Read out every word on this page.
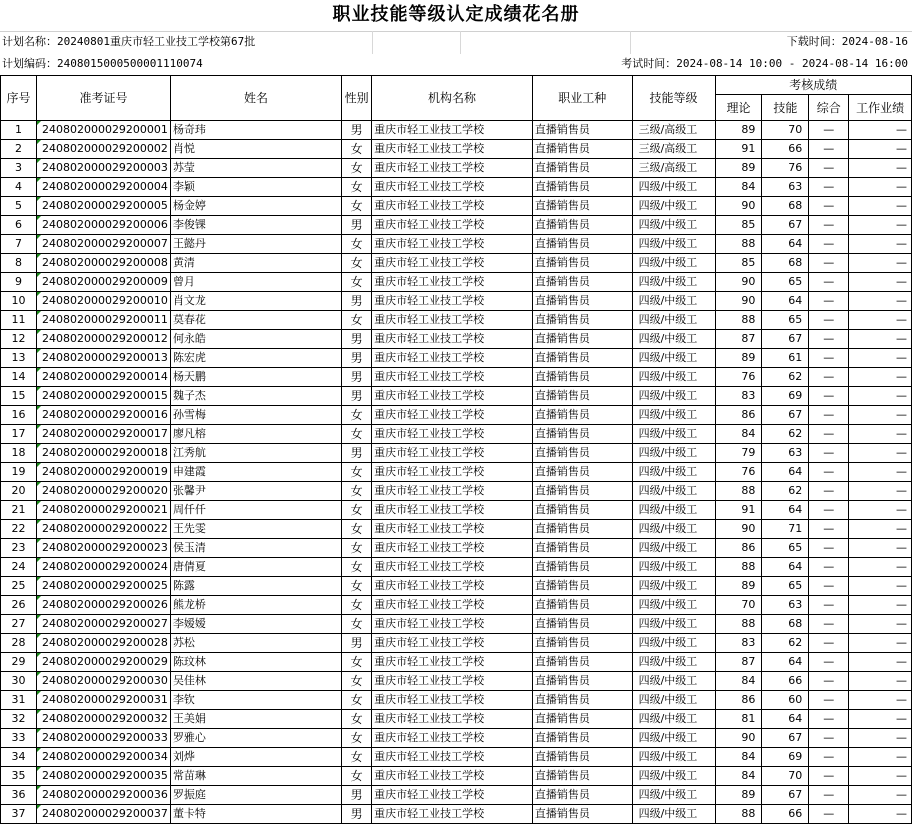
职业技能等级认定成绩花名册
计划名称：20240801重庆市轻工业技工学校第67批	下载时间：2024-08-16
计划编码：2408015000500001110074	考试时间：2024-08-14 10:00 - 2024-08-14 16:00
序号	准考证号	姓名	性别	机构名称	职业工种	技能等级	考核成绩			
							理论	技能	综合	工作业绩
1	240802000029200001	杨奇玮	男	重庆市轻工业技工学校	直播销售员	三级/高级工	89	70	—	—
2	240802000029200002	肖悦	女	重庆市轻工业技工学校	直播销售员	三级/高级工	91	66	—	—
3	240802000029200003	苏莹	女	重庆市轻工业技工学校	直播销售员	三级/高级工	89	76	—	—
4	240802000029200004	李颖	女	重庆市轻工业技工学校	直播销售员	四级/中级工	84	63	—	—
5	240802000029200005	杨金婷	女	重庆市轻工业技工学校	直播销售员	四级/中级工	90	68	—	—
6	240802000029200006	李俊锞	男	重庆市轻工业技工学校	直播销售员	四级/中级工	85	67	—	—
7	240802000029200007	王懿丹	女	重庆市轻工业技工学校	直播销售员	四级/中级工	88	64	—	—
8	240802000029200008	黄清	女	重庆市轻工业技工学校	直播销售员	四级/中级工	85	68	—	—
9	240802000029200009	曾月	女	重庆市轻工业技工学校	直播销售员	四级/中级工	90	65	—	—
10	240802000029200010	肖文龙	男	重庆市轻工业技工学校	直播销售员	四级/中级工	90	64	—	—
11	240802000029200011	莫春花	女	重庆市轻工业技工学校	直播销售员	四级/中级工	88	65	—	—
12	240802000029200012	何永皓	男	重庆市轻工业技工学校	直播销售员	四级/中级工	87	67	—	—
13	240802000029200013	陈宏虎	男	重庆市轻工业技工学校	直播销售员	四级/中级工	89	61	—	—
14	240802000029200014	杨天鹏	男	重庆市轻工业技工学校	直播销售员	四级/中级工	76	62	—	—
15	240802000029200015	魏子杰	男	重庆市轻工业技工学校	直播销售员	四级/中级工	83	69	—	—
16	240802000029200016	孙雪梅	女	重庆市轻工业技工学校	直播销售员	四级/中级工	86	67	—	—
17	240802000029200017	廖凡榕	女	重庆市轻工业技工学校	直播销售员	四级/中级工	84	62	—	—
18	240802000029200018	江秀航	男	重庆市轻工业技工学校	直播销售员	四级/中级工	79	63	—	—
19	240802000029200019	申建霞	女	重庆市轻工业技工学校	直播销售员	四级/中级工	76	64	—	—
20	240802000029200020	张馨尹	女	重庆市轻工业技工学校	直播销售员	四级/中级工	88	62	—	—
21	240802000029200021	周仟仟	女	重庆市轻工业技工学校	直播销售员	四级/中级工	91	64	—	—
22	240802000029200022	王先雯	女	重庆市轻工业技工学校	直播销售员	四级/中级工	90	71	—	—
23	240802000029200023	侯玉清	女	重庆市轻工业技工学校	直播销售员	四级/中级工	86	65	—	—
24	240802000029200024	唐倩夏	女	重庆市轻工业技工学校	直播销售员	四级/中级工	88	64	—	—
25	240802000029200025	陈露	女	重庆市轻工业技工学校	直播销售员	四级/中级工	89	65	—	—
26	240802000029200026	熊龙桥	女	重庆市轻工业技工学校	直播销售员	四级/中级工	70	63	—	—
27	240802000029200027	李嫒嫒	女	重庆市轻工业技工学校	直播销售员	四级/中级工	88	68	—	—
28	240802000029200028	苏松	男	重庆市轻工业技工学校	直播销售员	四级/中级工	83	62	—	—
29	240802000029200029	陈玟林	女	重庆市轻工业技工学校	直播销售员	四级/中级工	87	64	—	—
30	240802000029200030	吴佳林	女	重庆市轻工业技工学校	直播销售员	四级/中级工	84	66	—	—
31	240802000029200031	李钦	女	重庆市轻工业技工学校	直播销售员	四级/中级工	86	60	—	—
32	240802000029200032	王美娟	女	重庆市轻工业技工学校	直播销售员	四级/中级工	81	64	—	—
33	240802000029200033	罗雅心	女	重庆市轻工业技工学校	直播销售员	四级/中级工	90	67	—	—
34	240802000029200034	刘烨	女	重庆市轻工业技工学校	直播销售员	四级/中级工	84	69	—	—
35	240802000029200035	常苗琳	女	重庆市轻工业技工学校	直播销售员	四级/中级工	84	70	—	—
36	240802000029200036	罗振庭	男	重庆市轻工业技工学校	直播销售员	四级/中级工	89	67	—	—
37	240802000029200037	董卡特	男	重庆市轻工业技工学校	直播销售员	四级/中级工	88	66	—	—
